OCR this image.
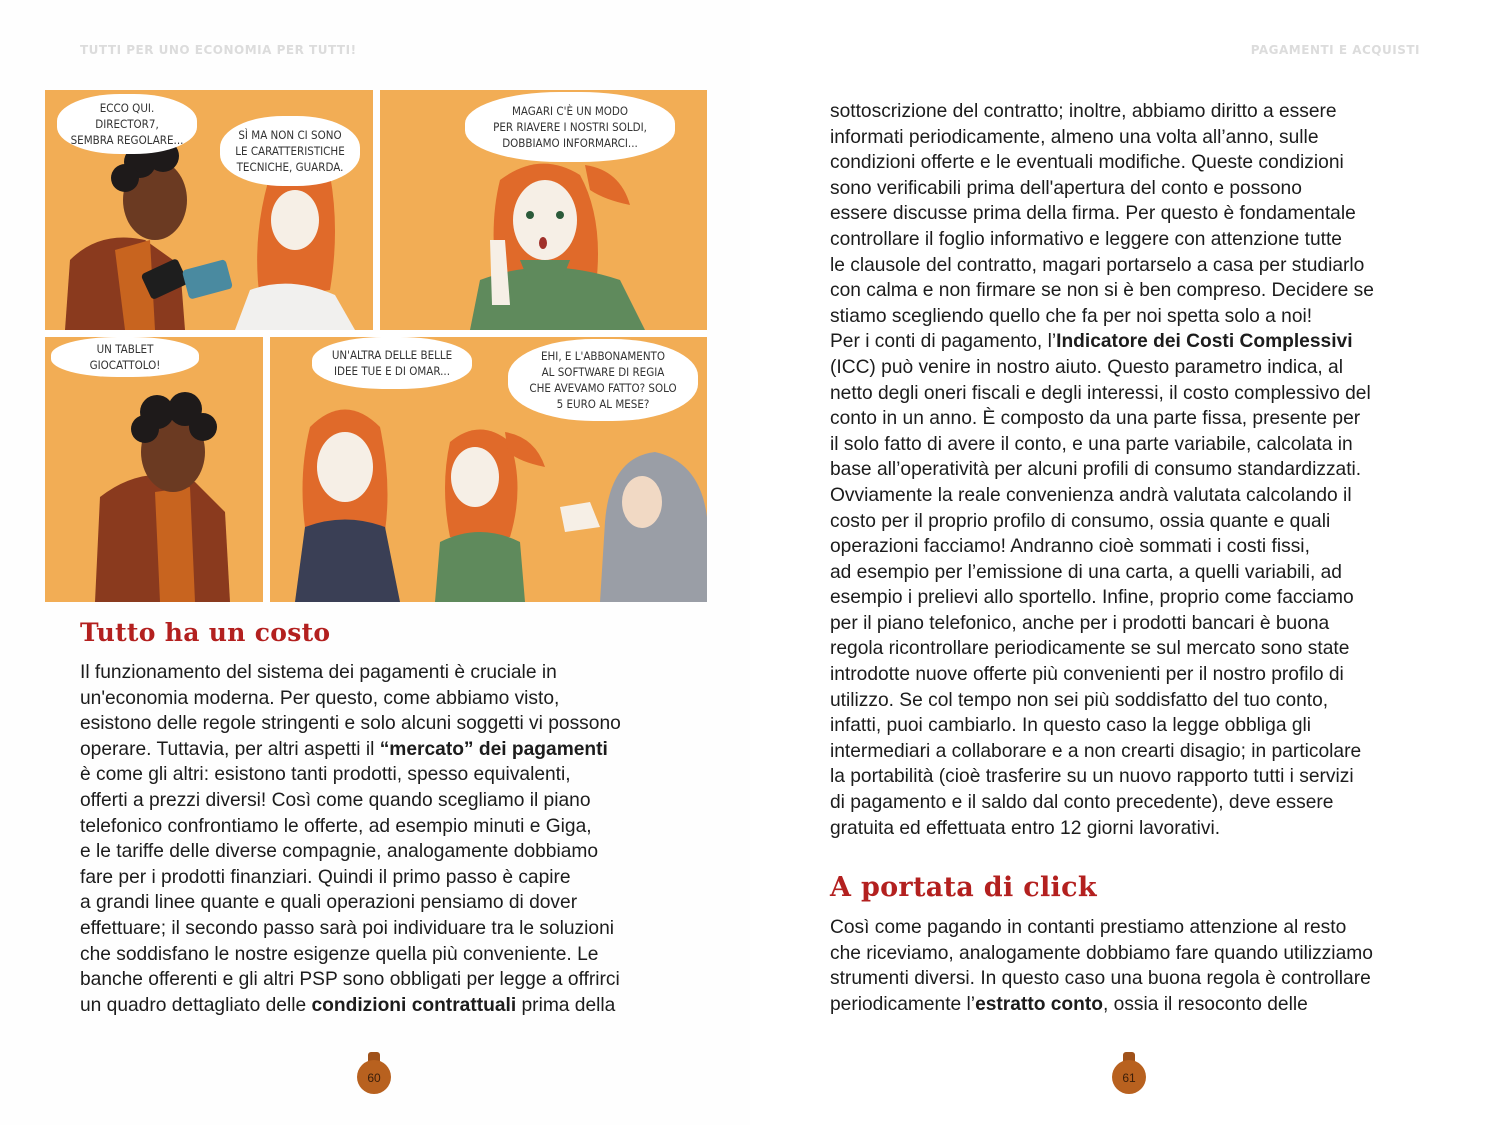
TUTTI PER UNO ECONOMIA PER TUTTI!
ECCO QUI. DIRECTOR7,
SEMBRA REGOLARE...	SÌ MA NON CI SONO
LE CARATTERISTICHE
TECNICHE, GUARDA.
MAGARI C'È UN MODO
PER RIAVERE I NOSTRI SOLDI,
DOBBIAMO INFORMARCI...
UN TABLET GIOCATTOLO!
UN'ALTRA DELLE BELLE
IDEE TUE E DI OMAR...
EHI, E L'ABBONAMENTO
AL SOFTWARE DI REGIA
CHE AVEVAMO FATTO? SOLO
5 EURO AL MESE?
Tutto ha un costo

Il funzionamento del sistema dei pagamenti è cruciale in

un'economia moderna. Per questo, come abbiamo visto,

esistono delle regole stringenti e solo alcuni soggetti vi possono

operare. Tuttavia, per altri aspetti il “mercato” dei pagamenti

è come gli altri: esistono tanti prodotti, spesso equivalenti,

offerti a prezzi diversi! Così come quando scegliamo il piano

telefonico confrontiamo le offerte, ad esempio minuti e Giga,

e le tariffe delle diverse compagnie, analogamente dobbiamo

fare per i prodotti finanziari. Quindi il primo passo è capire

a grandi linee quante e quali operazioni pensiamo di dover

effettuare; il secondo passo sarà poi individuare tra le soluzioni

che soddisfano le nostre esigenze quella più conveniente. Le

banche offerenti e gli altri PSP sono obbligati per legge a offrirci

un quadro dettagliato delle condizioni contrattuali prima della

60
PAGAMENTI E ACQUISTI

sottoscrizione del contratto; inoltre, abbiamo diritto a essere

informati periodicamente, almeno una volta all’anno, sulle

condizioni offerte e le eventuali modifiche. Queste condizioni

sono verificabili prima dell'apertura del conto e possono

essere discusse prima della firma. Per questo è fondamentale

controllare il foglio informativo e leggere con attenzione tutte

le clausole del contratto, magari portarselo a casa per studiarlo

con calma e non firmare se non si è ben compreso. Decidere se

stiamo scegliendo quello che fa per noi spetta solo a noi!

Per i conti di pagamento, l’Indicatore dei Costi Complessivi

(ICC) può venire in nostro aiuto. Questo parametro indica, al

netto degli oneri fiscali e degli interessi, il costo complessivo del

conto in un anno. È composto da una parte fissa, presente per

il solo fatto di avere il conto, e una parte variabile, calcolata in

base all’operatività per alcuni profili di consumo standardizzati.

Ovviamente la reale convenienza andrà valutata calcolando il

costo per il proprio profilo di consumo, ossia quante e quali

operazioni facciamo! Andranno cioè sommati i costi fissi,

ad esempio per l’emissione di una carta, a quelli variabili, ad

esempio i prelievi allo sportello. Infine, proprio come facciamo

per il piano telefonico, anche per i prodotti bancari è buona

regola ricontrollare periodicamente se sul mercato sono state

introdotte nuove offerte più convenienti per il nostro profilo di

utilizzo. Se col tempo non sei più soddisfatto del tuo conto,

infatti, puoi cambiarlo. In questo caso la legge obbliga gli

intermediari a collaborare e a non crearti disagio; in particolare

la portabilità (cioè trasferire su un nuovo rapporto tutti i servizi

di pagamento e il saldo dal conto precedente), deve essere

gratuita ed effettuata entro 12 giorni lavorativi.

A portata di click

Così come pagando in contanti prestiamo attenzione al resto

che riceviamo, analogamente dobbiamo fare quando utilizziamo

strumenti diversi. In questo caso una buona regola è controllare

periodicamente l’estratto conto, ossia il resoconto delle

61
